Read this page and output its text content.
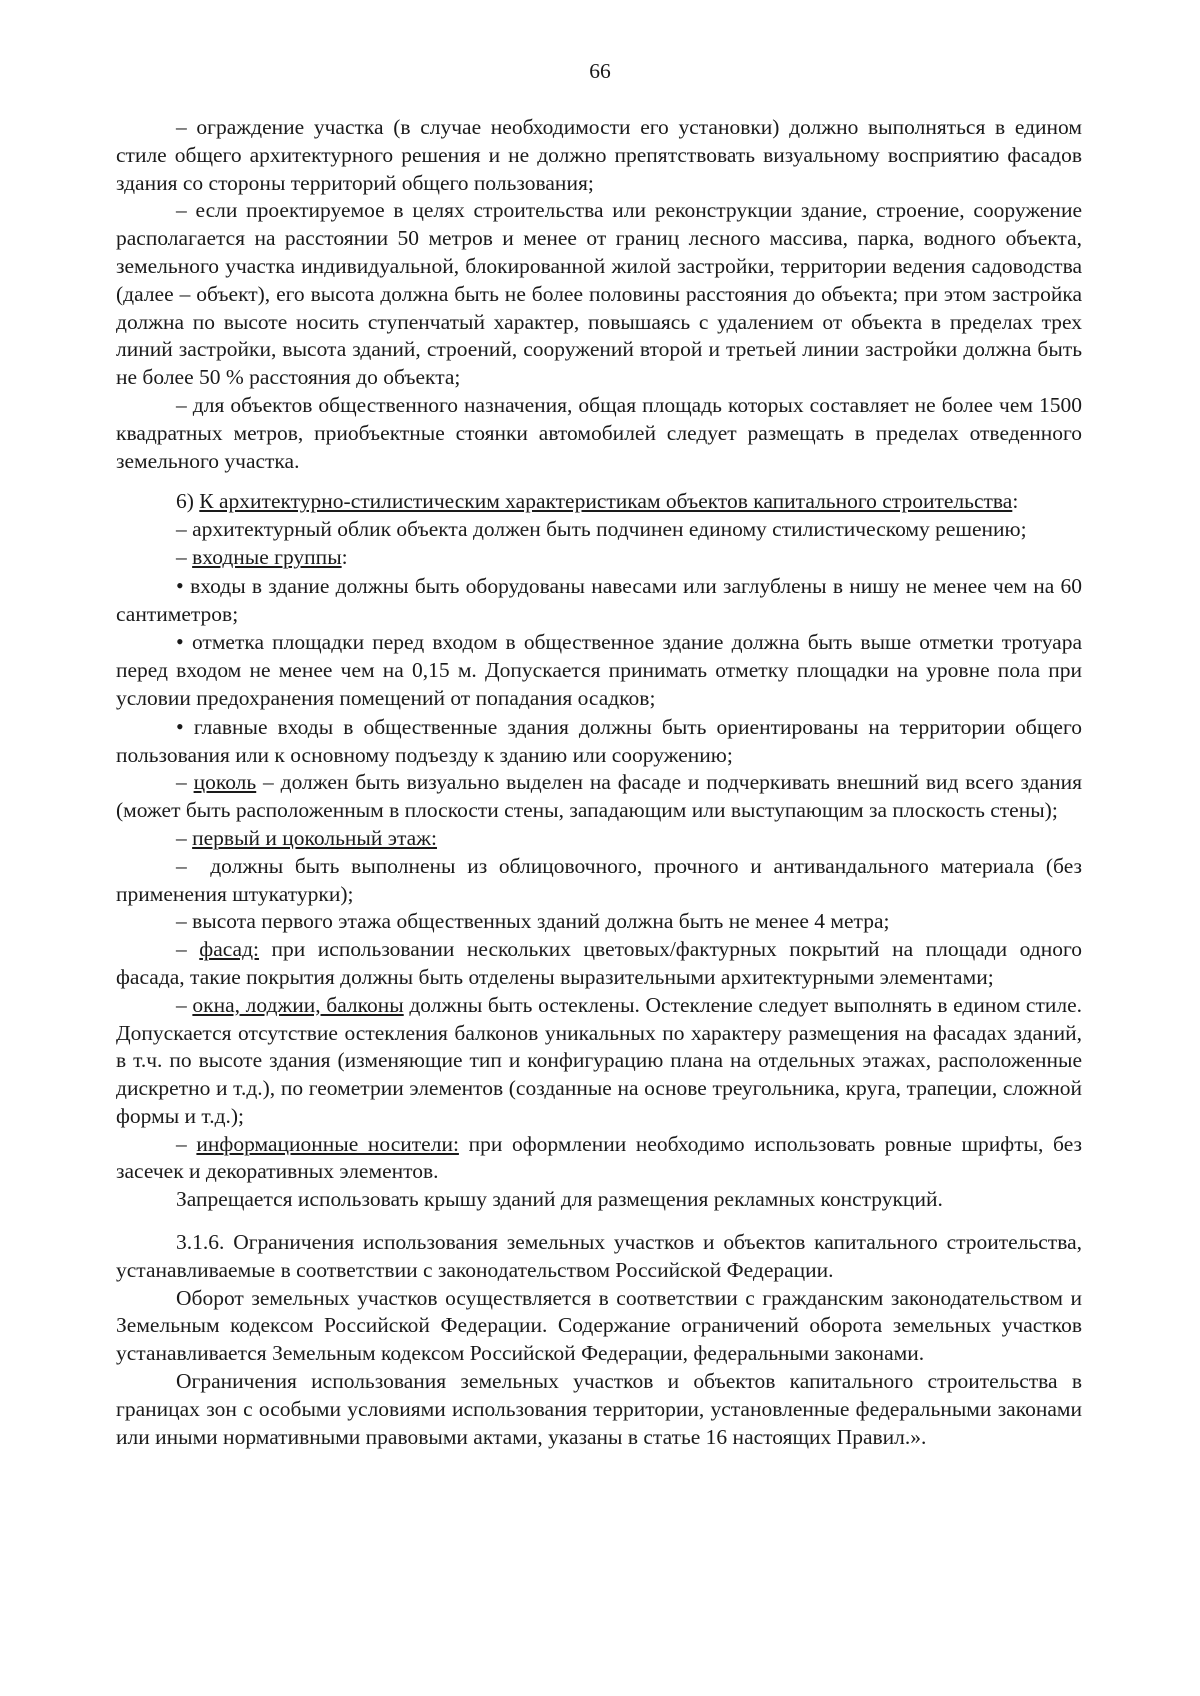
66

– ограждение участка (в случае необходимости его установки) должно выполняться в едином стиле общего архитектурного решения и не должно препятствовать визуальному восприятию фасадов здания со стороны территорий общего пользования;

– если проектируемое в целях строительства или реконструкции здание, строение, сооружение располагается на расстоянии 50 метров и менее от границ лесного массива, парка, водного объекта, земельного участка индивидуальной, блокированной жилой застройки, территории ведения садоводства (далее – объект), его высота должна быть не более половины расстояния до объекта; при этом застройка должна по высоте носить ступенчатый характер, повышаясь с удалением от объекта в пределах трех линий застройки, высота зданий, строений, сооружений второй и третьей линии застройки должна быть не более 50 % расстояния до объекта;

– для объектов общественного назначения, общая площадь которых составляет не более чем 1500 квадратных метров, приобъектные стоянки автомобилей следует размещать в пределах отведенного земельного участка.

6) К архитектурно-стилистическим характеристикам объектов капитального строительства:

– архитектурный облик объекта должен быть подчинен единому стилистическому решению;

– входные группы:

• входы в здание должны быть оборудованы навесами или заглублены в нишу не менее чем на 60 сантиметров;

• отметка площадки перед входом в общественное здание должна быть выше отметки тротуара перед входом не менее чем на 0,15 м. Допускается принимать отметку площадки на уровне пола при условии предохранения помещений от попадания осадков;

• главные входы в общественные здания должны быть ориентированы на территории общего пользования или к основному подъезду к зданию или сооружению;

– цоколь – должен быть визуально выделен на фасаде и подчеркивать внешний вид всего здания (может быть расположенным в плоскости стены, западающим или выступающим за плоскость стены);

– первый и цокольный этаж:

–  должны быть выполнены из облицовочного, прочного и антивандального материала (без применения штукатурки);

– высота первого этажа общественных зданий должна быть не менее 4 метра;

– фасад: при использовании нескольких цветовых/фактурных покрытий на площади одного фасада, такие покрытия должны быть отделены выразительными архитектурными элементами;

– окна, лоджии, балконы должны быть остеклены. Остекление следует выполнять в едином стиле. Допускается отсутствие остекления балконов уникальных по характеру размещения на фасадах зданий, в т.ч. по высоте здания (изменяющие тип и конфигурацию плана на отдельных этажах, расположенные дискретно и т.д.), по геометрии элементов (созданные на основе треугольника, круга, трапеции, сложной формы и т.д.);

– информационные носители: при оформлении необходимо использовать ровные шрифты, без засечек и декоративных элементов.

Запрещается использовать крышу зданий для размещения рекламных конструкций.

3.1.6. Ограничения использования земельных участков и объектов капитального строительства, устанавливаемые в соответствии с законодательством Российской Федерации.

Оборот земельных участков осуществляется в соответствии с гражданским законодательством и Земельным кодексом Российской Федерации. Содержание ограничений оборота земельных участков устанавливается Земельным кодексом Российской Федерации, федеральными законами.

Ограничения использования земельных участков и объектов капитального строительства в границах зон с особыми условиями использования территории, установленные федеральными законами или иными нормативными правовыми актами, указаны в статье 16 настоящих Правил.».
